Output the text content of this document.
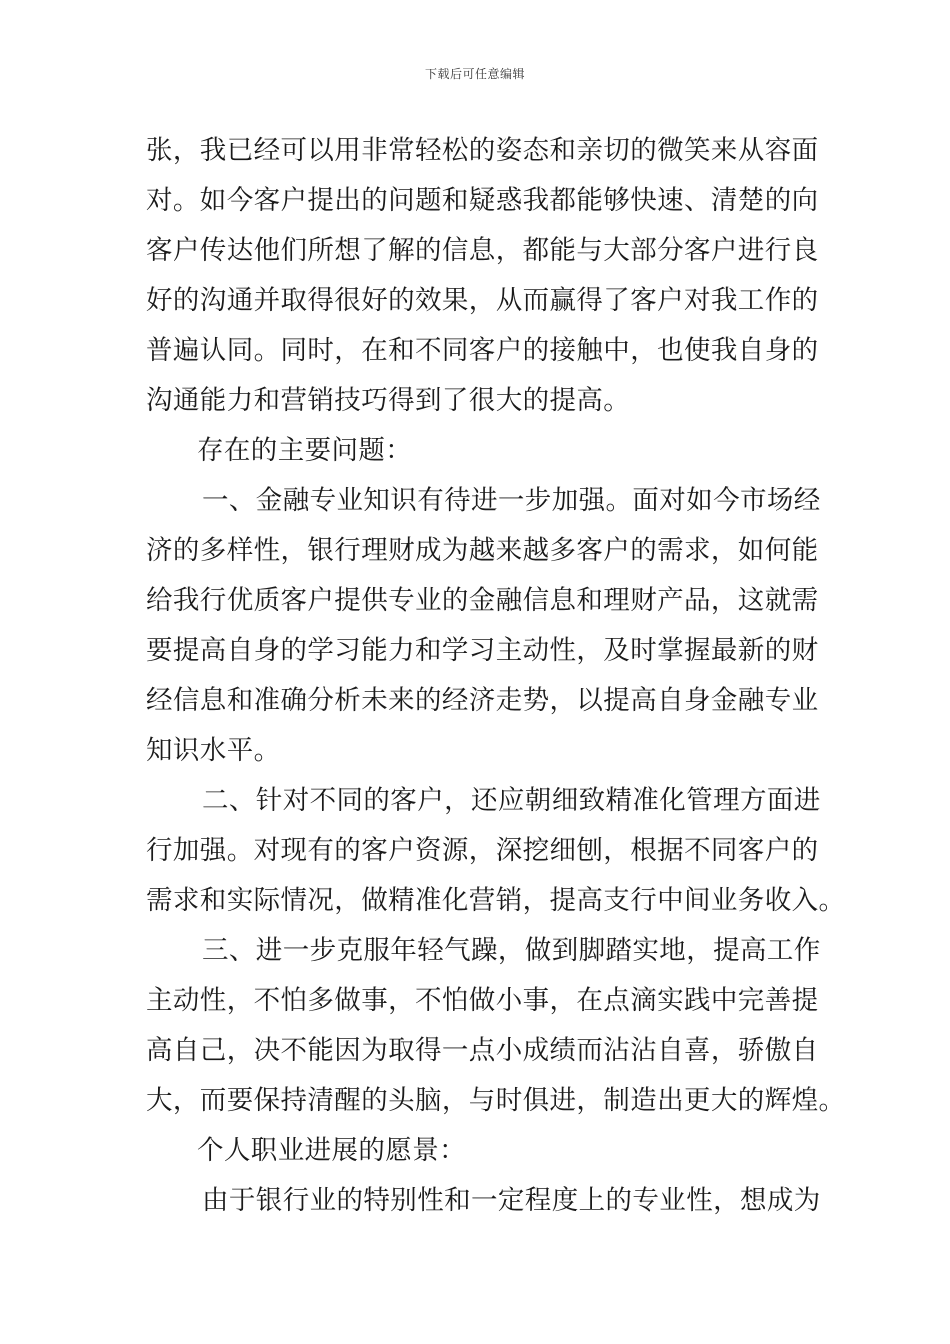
下载后可任意编辑
张，我已经可以用非常轻松的姿态和亲切的微笑来从容面
对。如今客户提出的问题和疑惑我都能够快速、清楚的向
客户传达他们所想了解的信息，都能与大部分客户进行良
好的沟通并取得很好的效果，从而赢得了客户对我工作的
普遍认同。同时，在和不同客户的接触中，也使我自身的
沟通能力和营销技巧得到了很大的提高。
存在的主要问题：
一、金融专业知识有待进一步加强。面对如今市场经
济的多样性，银行理财成为越来越多客户的需求，如何能
给我行优质客户提供专业的金融信息和理财产品，这就需
要提高自身的学习能力和学习主动性，及时掌握最新的财
经信息和准确分析未来的经济走势，以提高自身金融专业
知识水平。
二、针对不同的客户，还应朝细致精准化管理方面进
行加强。对现有的客户资源，深挖细刨，根据不同客户的
需求和实际情况，做精准化营销，提高支行中间业务收入。
三、进一步克服年轻气躁，做到脚踏实地，提高工作
主动性，不怕多做事，不怕做小事，在点滴实践中完善提
高自己，决不能因为取得一点小成绩而沾沾自喜，骄傲自
大，而要保持清醒的头脑，与时俱进，制造出更大的辉煌。
个人职业进展的愿景：
由于银行业的特别性和一定程度上的专业性，想成为
